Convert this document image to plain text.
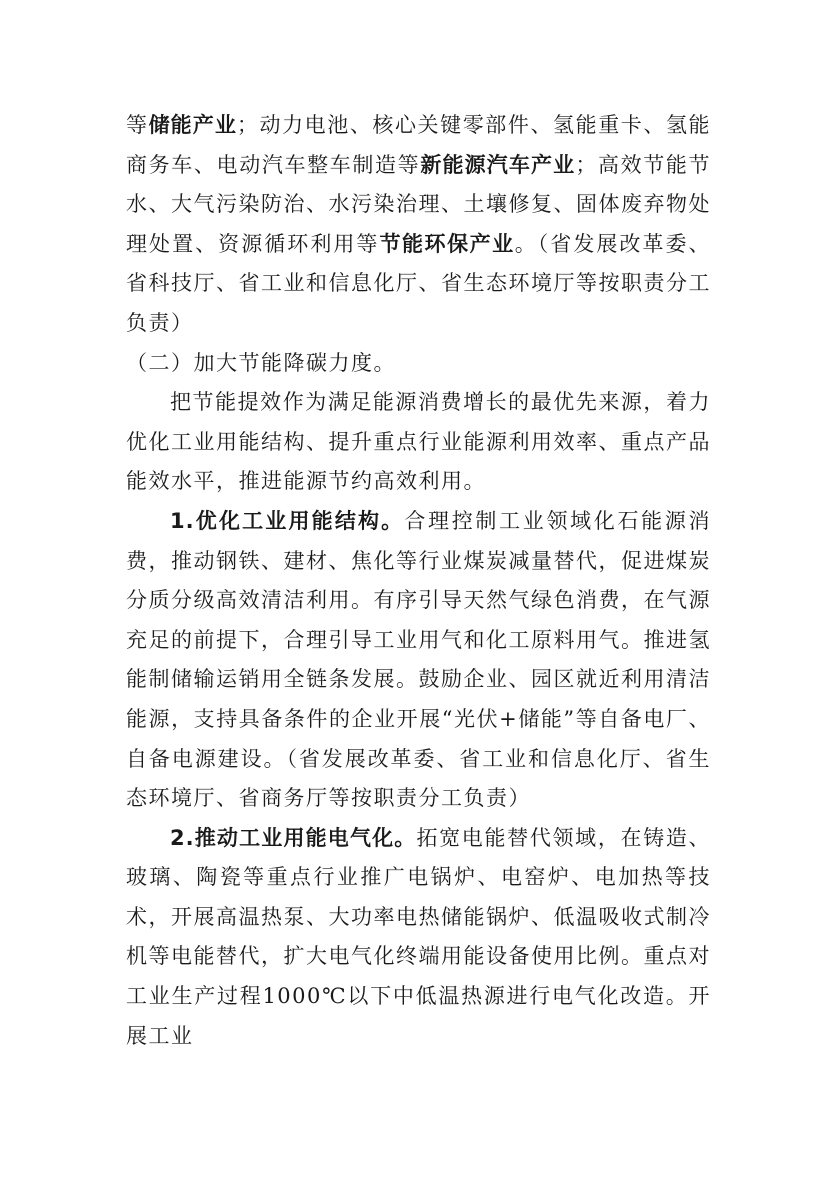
等储能产业；动力电池、核心关键零部件、氢能重卡、氢能商务车、电动汽车整车制造等新能源汽车产业；高效节能节水、大气污染防治、水污染治理、土壤修复、固体废弃物处理处置、资源循环利用等节能环保产业。（省发展改革委、省科技厅、省工业和信息化厅、省生态环境厅等按职责分工负责）

（二）加大节能降碳力度。

把节能提效作为满足能源消费增长的最优先来源，着力优化工业用能结构、提升重点行业能源利用效率、重点产品能效水平，推进能源节约高效利用。

1.优化工业用能结构。合理控制工业领域化石能源消费，推动钢铁、建材、焦化等行业煤炭减量替代，促进煤炭分质分级高效清洁利用。有序引导天然气绿色消费，在气源充足的前提下，合理引导工业用气和化工原料用气。推进氢能制储输运销用全链条发展。鼓励企业、园区就近利用清洁能源，支持具备条件的企业开展“光伏+储能”等自备电厂、自备电源建设。（省发展改革委、省工业和信息化厅、省生态环境厅、省商务厅等按职责分工负责）

2.推动工业用能电气化。拓宽电能替代领域，在铸造、玻璃、陶瓷等重点行业推广电锅炉、电窑炉、电加热等技术，开展高温热泵、大功率电热储能锅炉、低温吸收式制冷机等电能替代，扩大电气化终端用能设备使用比例。重点对工业生产过程1000℃以下中低温热源进行电气化改造。开展工业
